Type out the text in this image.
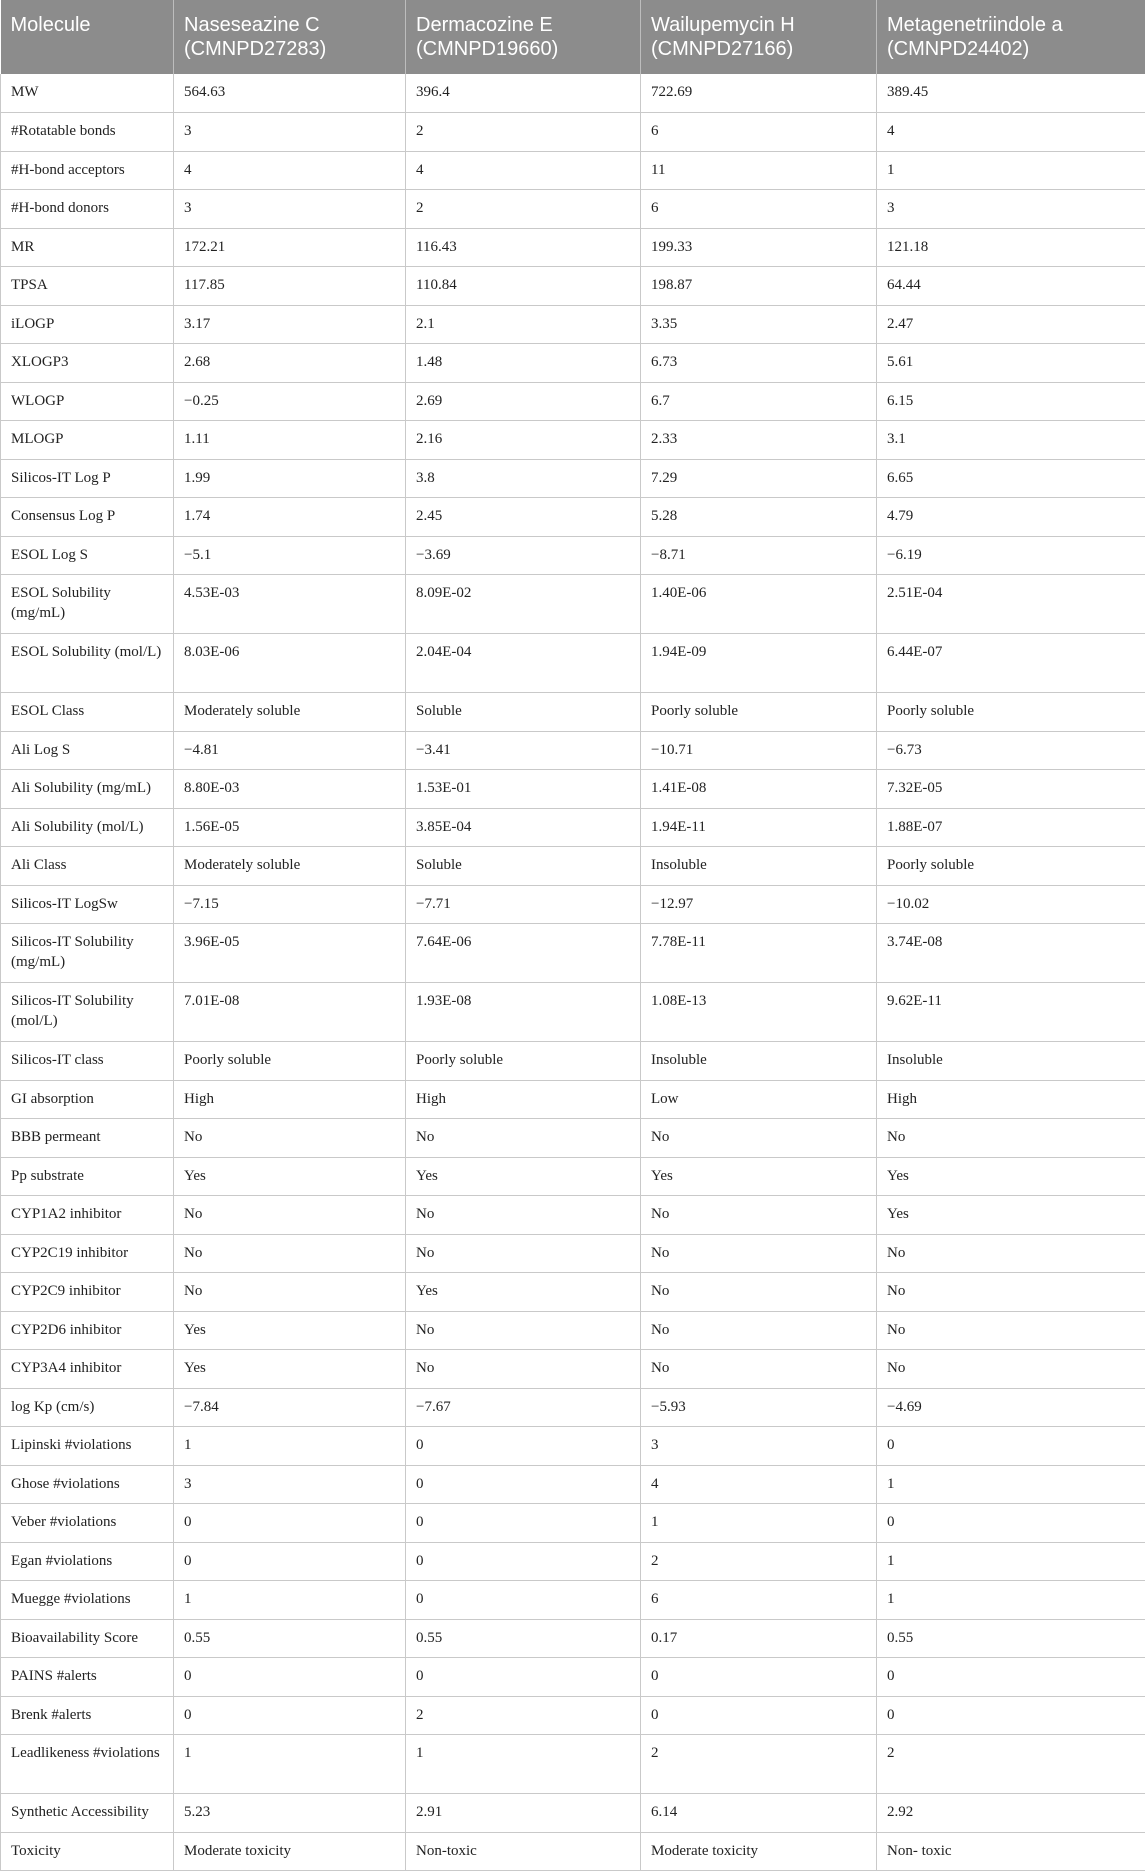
Molecule	Naseseazine C (CMNPD27283)	Dermacozine E (CMNPD19660)	Wailupemycin H (CMNPD27166)	Metagenetriindole a (CMNPD24402)
MW	564.63	396.4	722.69	389.45
#Rotatable bonds	3	2	6	4
#H-bond acceptors	4	4	11	1
#H-bond donors	3	2	6	3
MR	172.21	116.43	199.33	121.18
TPSA	117.85	110.84	198.87	64.44
iLOGP	3.17	2.1	3.35	2.47
XLOGP3	2.68	1.48	6.73	5.61
WLOGP	−0.25	2.69	6.7	6.15
MLOGP	1.11	2.16	2.33	3.1
Silicos-IT Log P	1.99	3.8	7.29	6.65
Consensus Log P	1.74	2.45	5.28	4.79
ESOL Log S	−5.1	−3.69	−8.71	−6.19
ESOL Solubility (mg/mL)	4.53E-03	8.09E-02	1.40E-06	2.51E-04
ESOL Solubility (mol/L)	8.03E-06	2.04E-04	1.94E-09	6.44E-07
ESOL Class	Moderately soluble	Soluble	Poorly soluble	Poorly soluble
Ali Log S	−4.81	−3.41	−10.71	−6.73
Ali Solubility (mg/mL)	8.80E-03	1.53E-01	1.41E-08	7.32E-05
Ali Solubility (mol/L)	1.56E-05	3.85E-04	1.94E-11	1.88E-07
Ali Class	Moderately soluble	Soluble	Insoluble	Poorly soluble
Silicos-IT LogSw	−7.15	−7.71	−12.97	−10.02
Silicos-IT Solubility (mg/mL)	3.96E-05	7.64E-06	7.78E-11	3.74E-08
Silicos-IT Solubility (mol/L)	7.01E-08	1.93E-08	1.08E-13	9.62E-11
Silicos-IT class	Poorly soluble	Poorly soluble	Insoluble	Insoluble
GI absorption	High	High	Low	High
BBB permeant	No	No	No	No
Pp substrate	Yes	Yes	Yes	Yes
CYP1A2 inhibitor	No	No	No	Yes
CYP2C19 inhibitor	No	No	No	No
CYP2C9 inhibitor	No	Yes	No	No
CYP2D6 inhibitor	Yes	No	No	No
CYP3A4 inhibitor	Yes	No	No	No
log Kp (cm/s)	−7.84	−7.67	−5.93	−4.69
Lipinski #violations	1	0	3	0
Ghose #violations	3	0	4	1
Veber #violations	0	0	1	0
Egan #violations	0	0	2	1
Muegge #violations	1	0	6	1
Bioavailability Score	0.55	0.55	0.17	0.55
PAINS #alerts	0	0	0	0
Brenk #alerts	0	2	0	0
Leadlikeness #violations	1	1	2	2
Synthetic Accessibility	5.23	2.91	6.14	2.92
Toxicity	Moderate toxicity	Non-toxic	Moderate toxicity	Non- toxic
